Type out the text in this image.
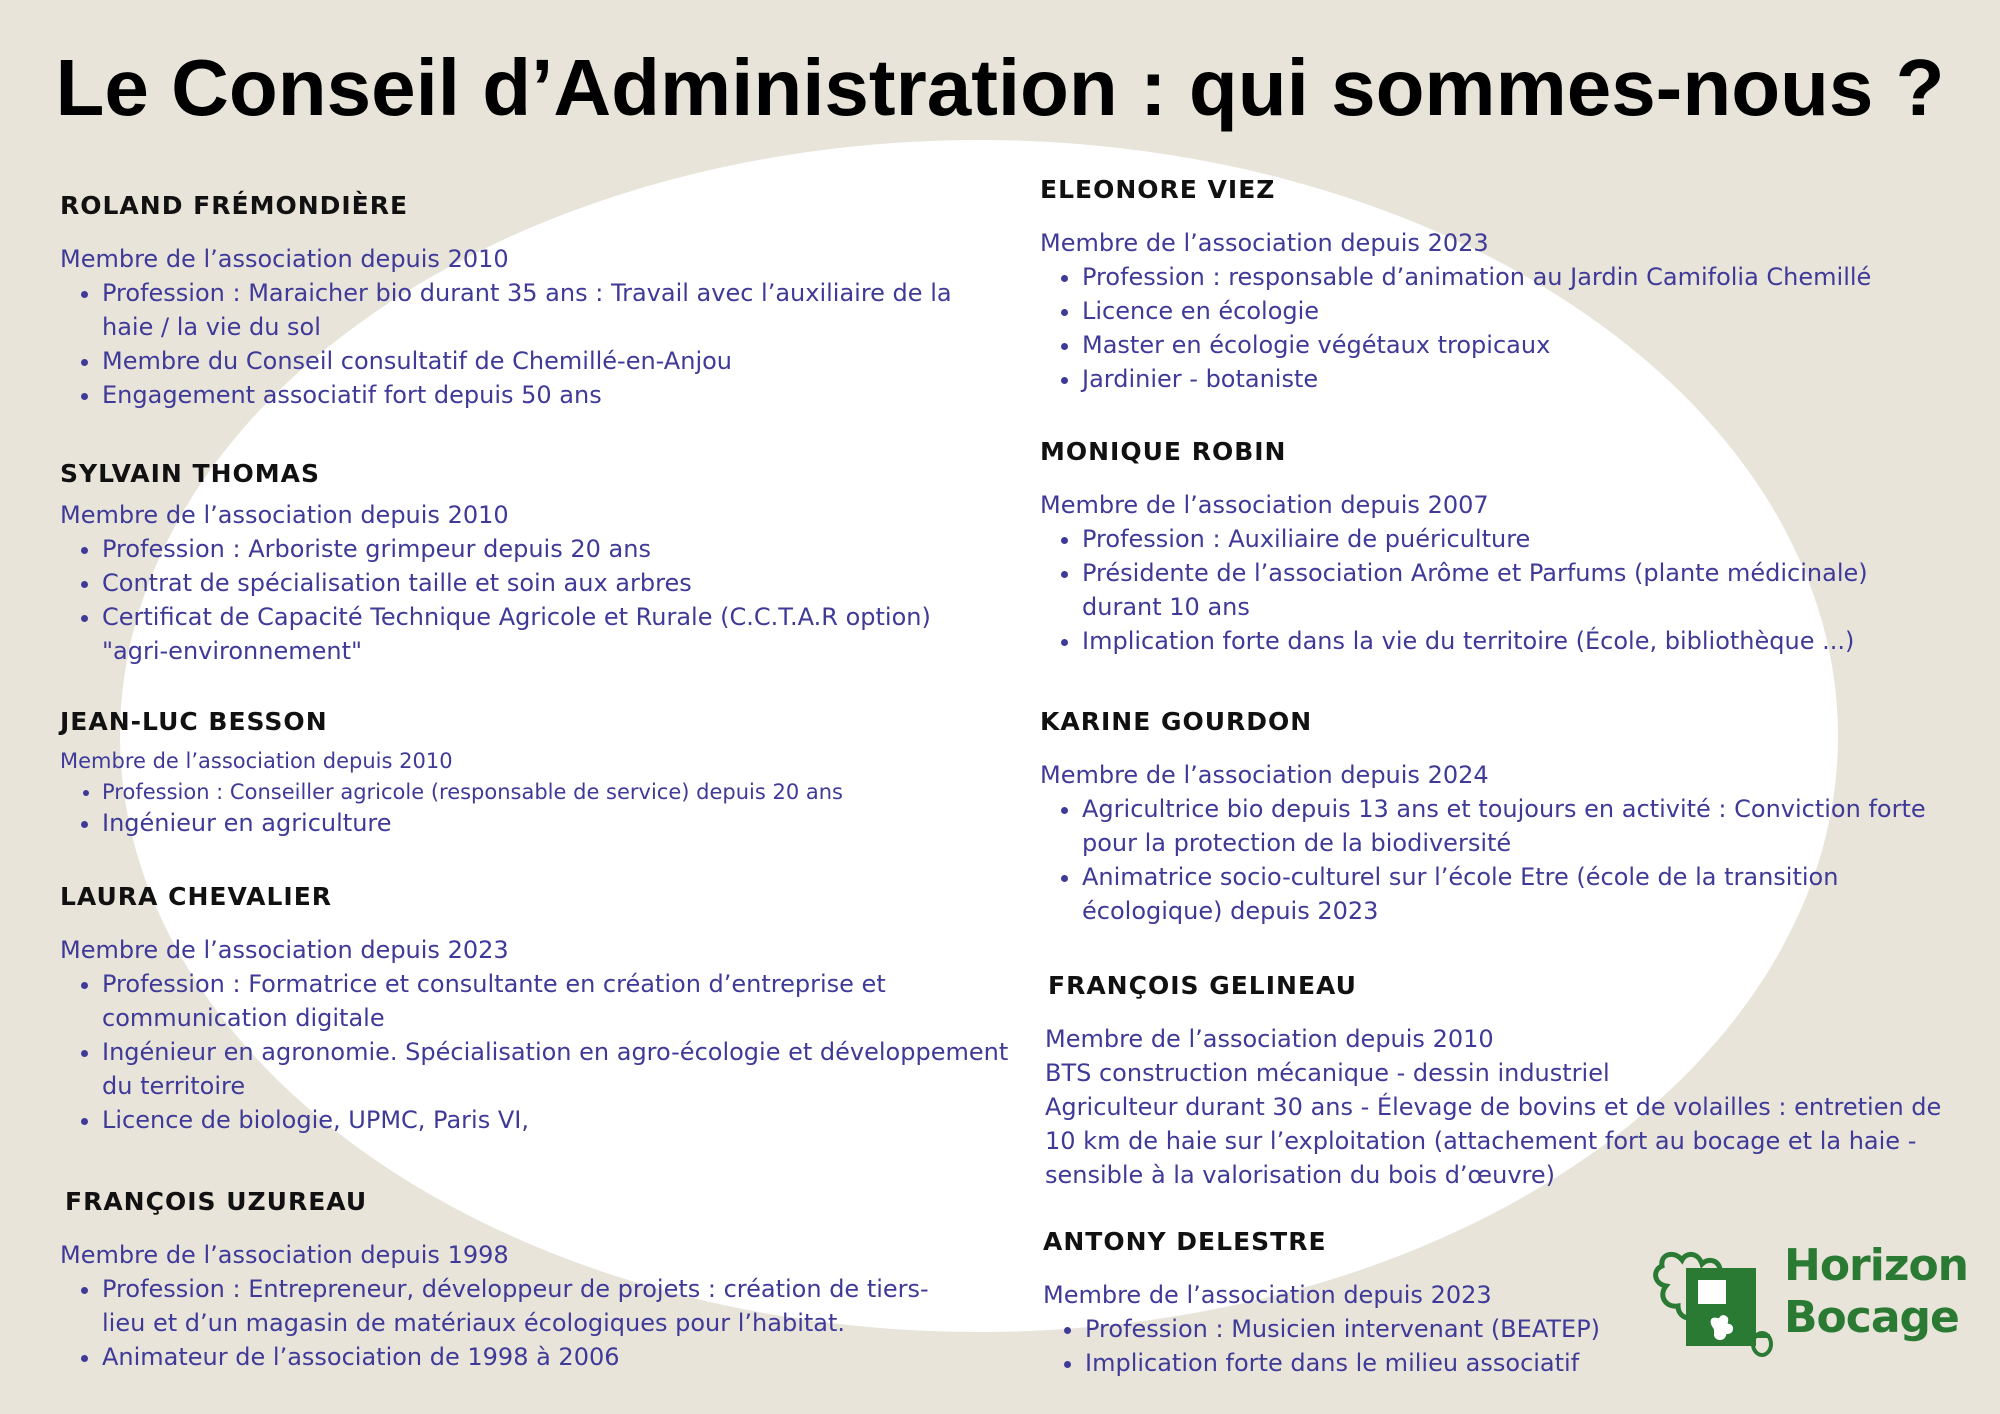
Le Conseil d’Administration : qui sommes-nous ?

ROLAND FRÉMONDIÈRE

Membre de l’association depuis 2010

• Profession : Maraicher bio durant 35 ans : Travail avec l’auxiliaire de la haie / la vie du sol
• Membre du Conseil consultatif de Chemillé-en-Anjou
• Engagement associatif fort depuis 50 ans

SYLVAIN THOMAS

Membre de l’association depuis 2010

• Profession : Arboriste grimpeur depuis 20 ans
• Contrat de spécialisation taille et soin aux arbres
• Certificat de Capacité Technique Agricole et Rurale (C.C.T.A.R option) "agri-environnement"

JEAN-LUC BESSON

Membre de l’association depuis 2010

• Profession : Conseiller agricole (responsable de service) depuis 20 ans
• Ingénieur en agriculture

LAURA CHEVALIER

Membre de l’association depuis 2023

• Profession : Formatrice et consultante en création d’entreprise et communication digitale
• Ingénieur en agronomie. Spécialisation en agro-écologie et développement du territoire
• Licence de biologie, UPMC, Paris VI,

FRANÇOIS UZUREAU

Membre de l’association depuis 1998

• Profession : Entrepreneur, développeur de projets : création de tiers-lieu et d’un magasin de matériaux écologiques pour l’habitat.
• Animateur de l’association de 1998 à 2006

ELEONORE VIEZ

Membre de l’association depuis 2023

• Profession : responsable d’animation au Jardin Camifolia Chemillé
• Licence en écologie
• Master en écologie végétaux tropicaux
• Jardinier - botaniste

MONIQUE ROBIN

Membre de l’association depuis 2007

• Profession : Auxiliaire de puériculture
• Présidente de l’association Arôme et Parfums (plante médicinale) durant 10 ans
• Implication forte dans la vie du territoire (École, bibliothèque ...)

KARINE GOURDON

Membre de l’association depuis 2024

• Agricultrice bio depuis 13 ans et toujours en activité : Conviction forte pour la protection de la biodiversité
• Animatrice socio-culturel sur l’école Etre (école de la transition écologique) depuis 2023

FRANÇOIS GELINEAU

Membre de l’association depuis 2010

BTS construction mécanique - dessin industriel

Agriculteur durant 30 ans - Élevage de bovins et de volailles : entretien de 10 km de haie sur l’exploitation (attachement fort au bocage et la haie - sensible à la valorisation du bois d’œuvre)

ANTONY DELESTRE

Membre de l’association depuis 2023

• Profession : Musicien intervenant (BEATEP)
• Implication forte dans le milieu associatif
Horizon
Bocage
